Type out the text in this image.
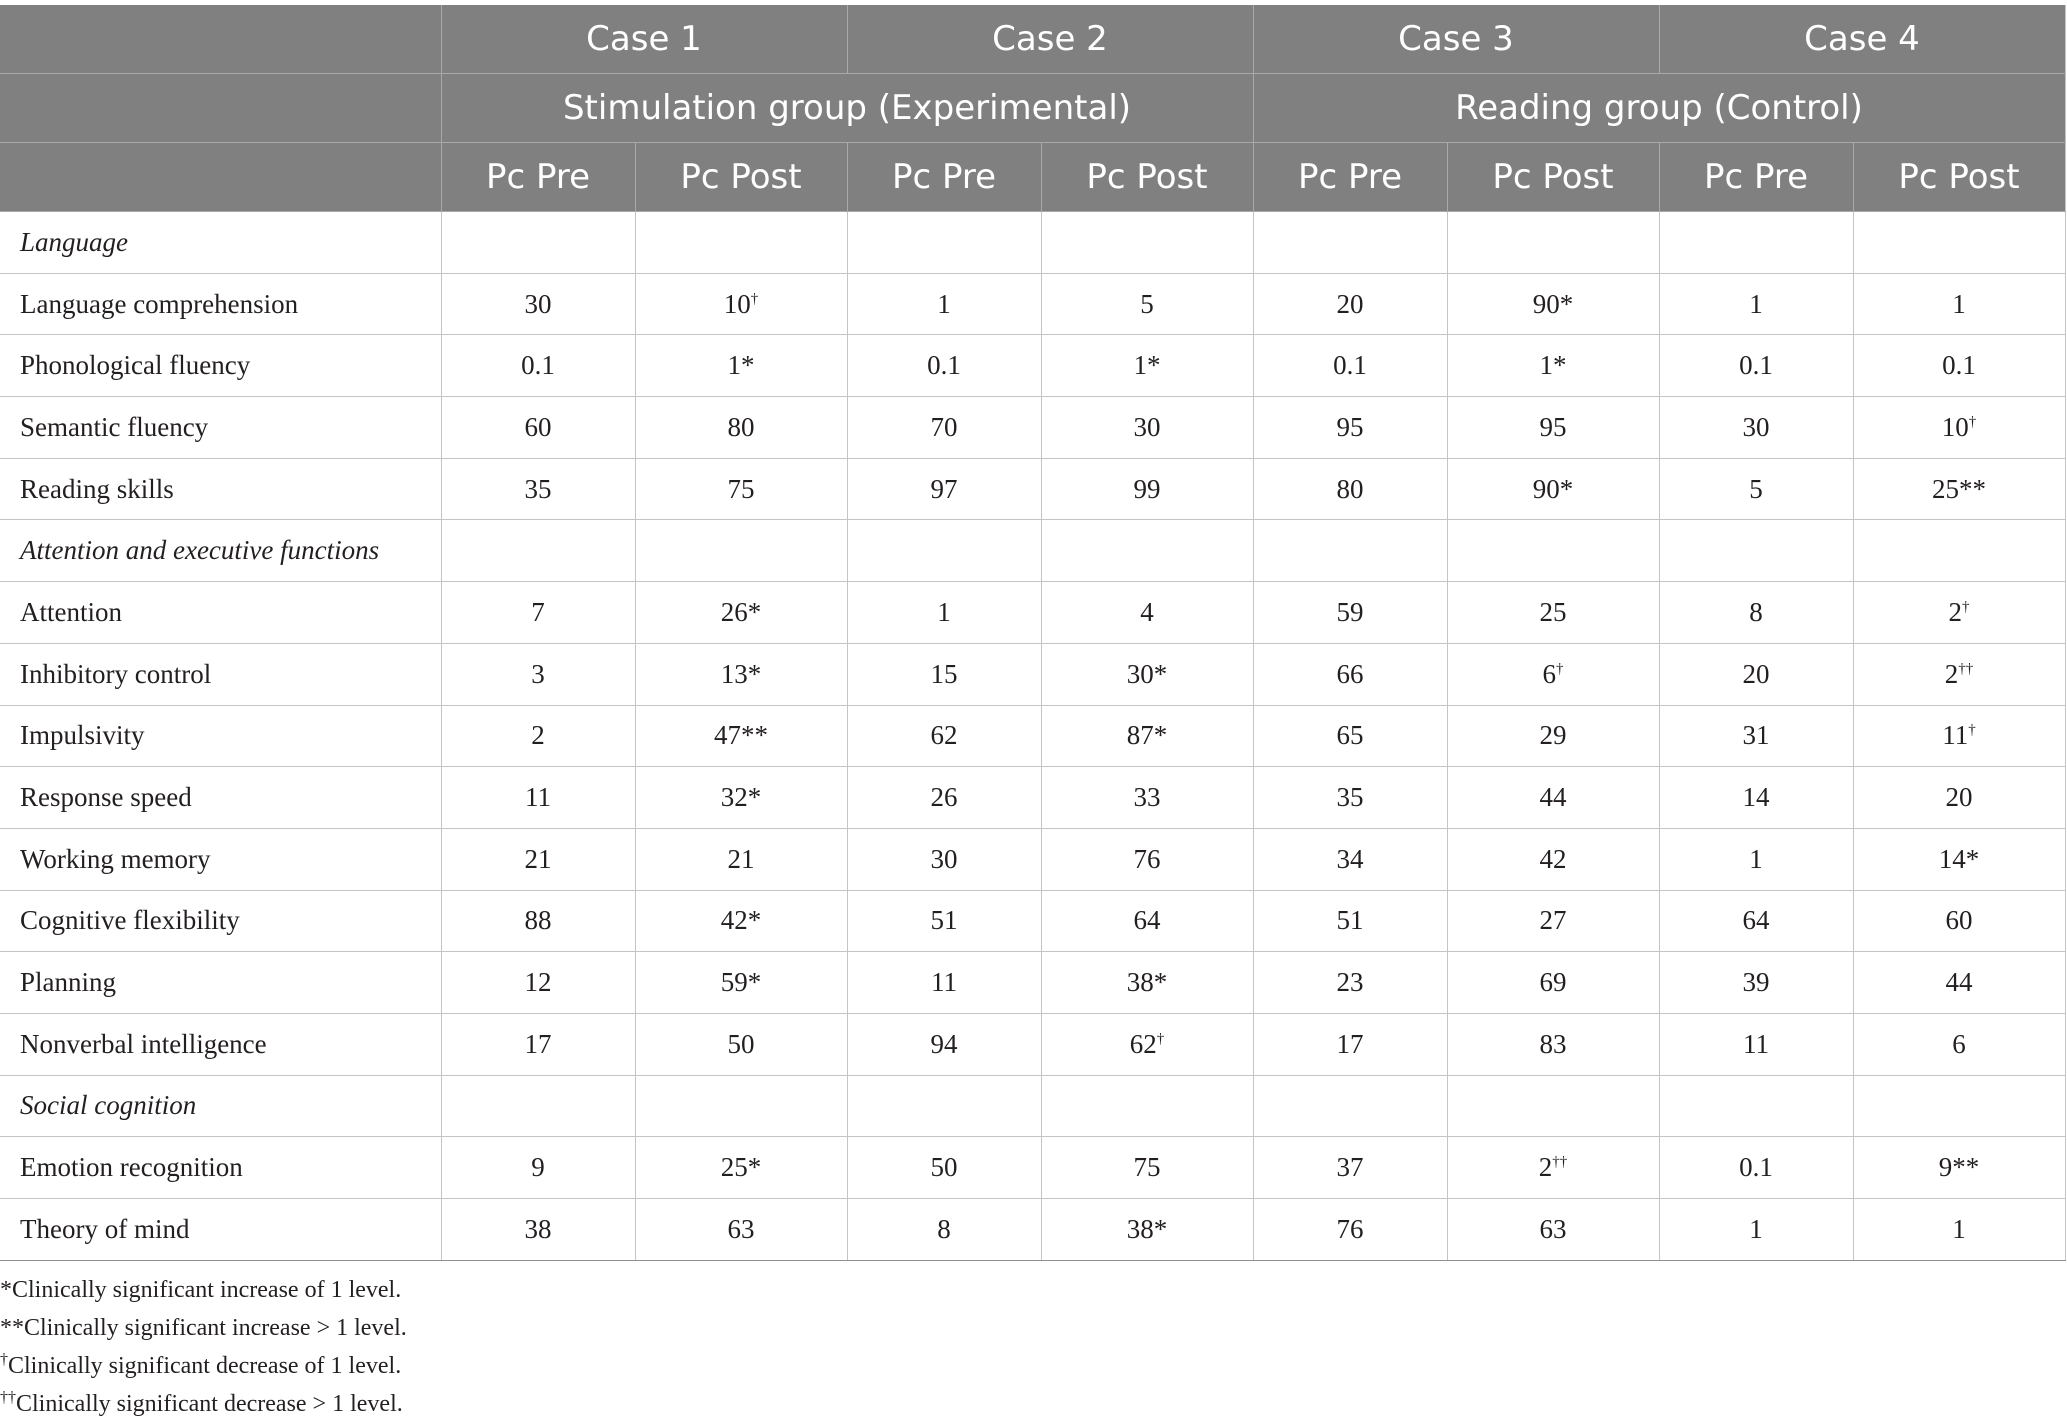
	Case 1		Case 2		Case 3		Case 4	
	Stimulation group (Experimental)				Reading group (Control)			
	Pc Pre	Pc Post	Pc Pre	Pc Post	Pc Pre	Pc Post	Pc Pre	Pc Post
Language								
Language comprehension	30	10†	1	5	20	90*	1	1
Phonological fluency	0.1	1*	0.1	1*	0.1	1*	0.1	0.1
Semantic fluency	60	80	70	30	95	95	30	10†
Reading skills	35	75	97	99	80	90*	5	25**
Attention and executive functions								
Attention	7	26*	1	4	59	25	8	2†
Inhibitory control	3	13*	15	30*	66	6†	20	2††
Impulsivity	2	47**	62	87*	65	29	31	11†
Response speed	11	32*	26	33	35	44	14	20
Working memory	21	21	30	76	34	42	1	14*
Cognitive flexibility	88	42*	51	64	51	27	64	60
Planning	12	59*	11	38*	23	69	39	44
Nonverbal intelligence	17	50	94	62†	17	83	11	6
Social cognition								
Emotion recognition	9	25*	50	75	37	2††	0.1	9**
Theory of mind	38	63	8	38*	76	63	1	1
*Clinically significant increase of 1 level.
**Clinically significant increase > 1 level.
†Clinically significant decrease of 1 level.
††Clinically significant decrease > 1 level.
